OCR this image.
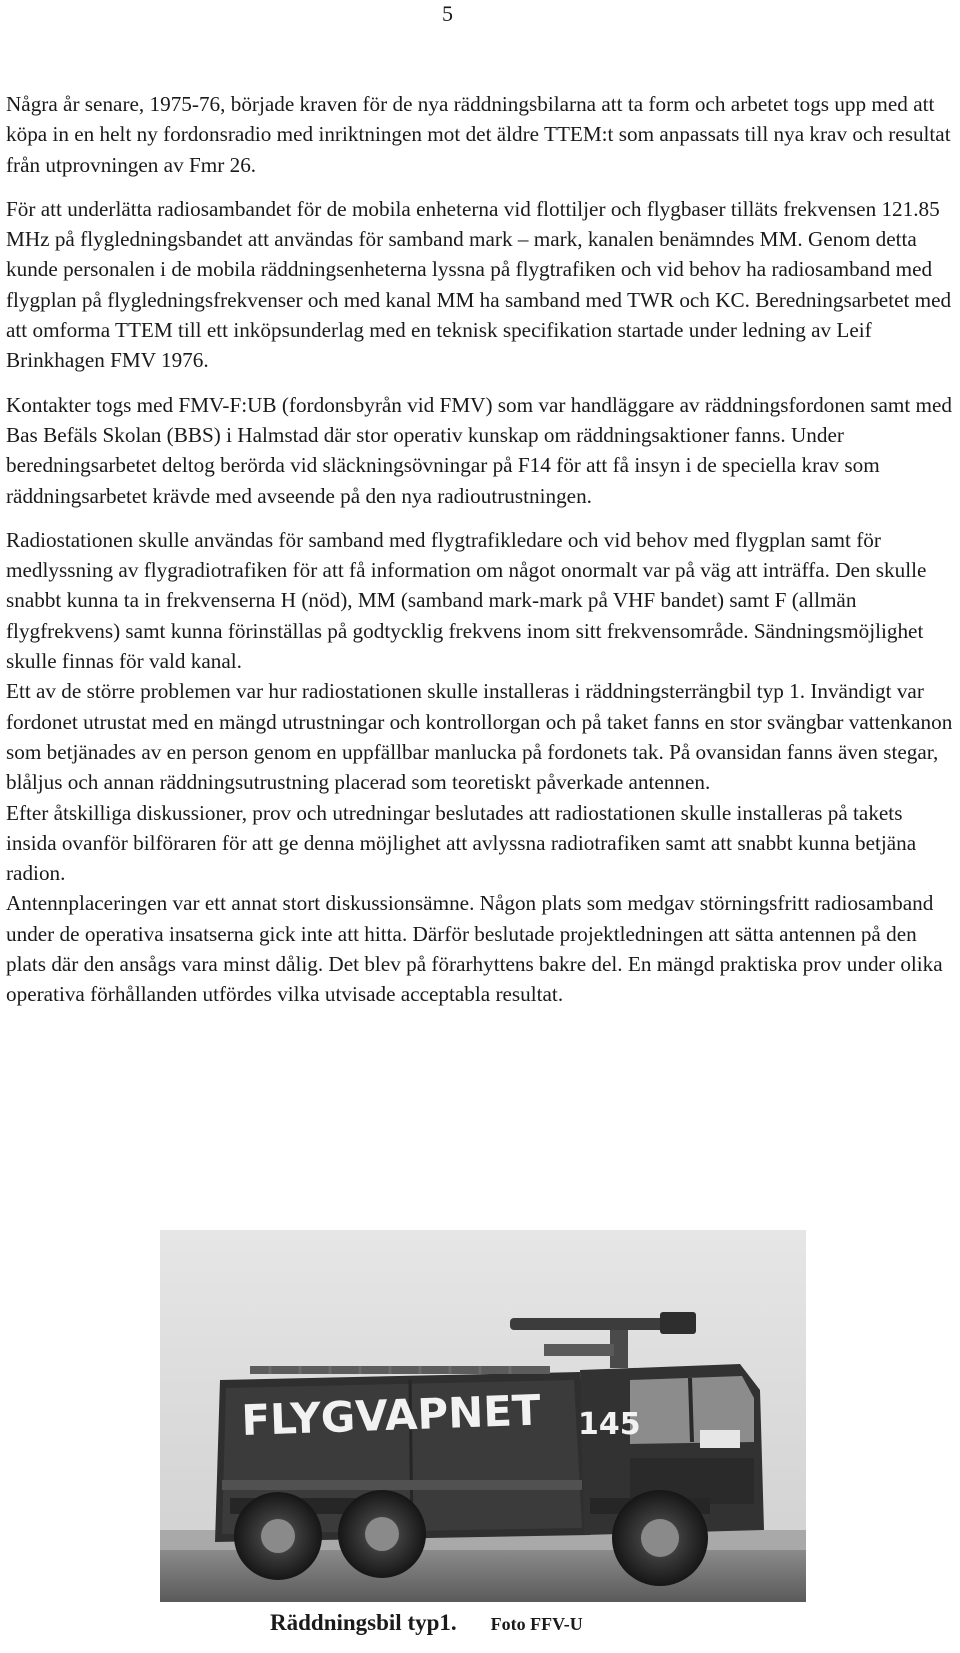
5

Några år senare, 1975-76, började kraven för de nya räddningsbilarna att ta form och arbetet togs upp med att köpa in en helt ny fordonsradio med inriktningen mot det äldre TTEM:t som anpassats till nya krav och resultat från utprovningen av Fmr 26.

För att underlätta radiosambandet för de mobila enheterna vid flottiljer och flygbaser tilläts frekvensen 121.85 MHz på flygledningsbandet att användas för samband mark – mark, kanalen benämndes MM. Genom detta kunde personalen i de mobila räddningsenheterna lyssna på flygtrafiken och vid behov ha radiosamband med flygplan på flygledningsfrekvenser och med kanal MM ha samband med TWR och KC. Beredningsarbetet med att omforma TTEM till ett inköpsunderlag med en teknisk specifikation startade under ledning av Leif Brinkhagen FMV 1976.

Kontakter togs med FMV-F:UB (fordonsbyrån vid FMV) som var handläggare av räddningsfordonen samt med Bas Befäls Skolan (BBS) i Halmstad där stor operativ kunskap om räddningsaktioner fanns. Under beredningsarbetet deltog berörda vid släckningsövningar på F14 för att få insyn i de speciella krav som räddningsarbetet krävde med avseende på den nya radioutrustningen.

Radiostationen skulle användas för samband med flygtrafikledare och vid behov med flygplan samt för medlyssning av flygradiotrafiken för att få information om något onormalt var på väg att inträffa. Den skulle snabbt kunna ta in frekvenserna H (nöd), MM (samband mark-mark på VHF bandet) samt F (allmän flygfrekvens) samt kunna förinställas på godtycklig frekvens inom sitt frekvensområde. Sändningsmöjlighet skulle finnas för vald kanal.

Ett av de större problemen var hur radiostationen skulle installeras i räddningsterrängbil typ 1. Invändigt var fordonet utrustat med en mängd utrustningar och kontrollorgan och på taket fanns en stor svängbar vattenkanon som betjänades av en person genom en uppfällbar manlucka på fordonets tak. På ovansidan fanns även stegar, blåljus och annan räddningsutrustning placerad som teoretiskt påverkade antennen.

Efter åtskilliga diskussioner, prov och utredningar beslutades att radiostationen skulle installeras på takets insida ovanför bilföraren för att ge denna möjlighet att avlyssna radiotrafiken samt att snabbt kunna betjäna radion.

Antennplaceringen var ett annat stort diskussionsämne. Någon plats som medgav störningsfritt radiosamband under de operativa insatserna gick inte att hitta. Därför beslutade projektledningen att sätta antennen på den plats där den ansågs vara minst dålig. Det blev på förarhyttens bakre del. En mängd praktiska prov under olika operativa förhållanden utfördes vilka utvisade acceptabla resultat.

FLYGVAPNET 145
Räddningsbil typ1. Foto FFV-U
